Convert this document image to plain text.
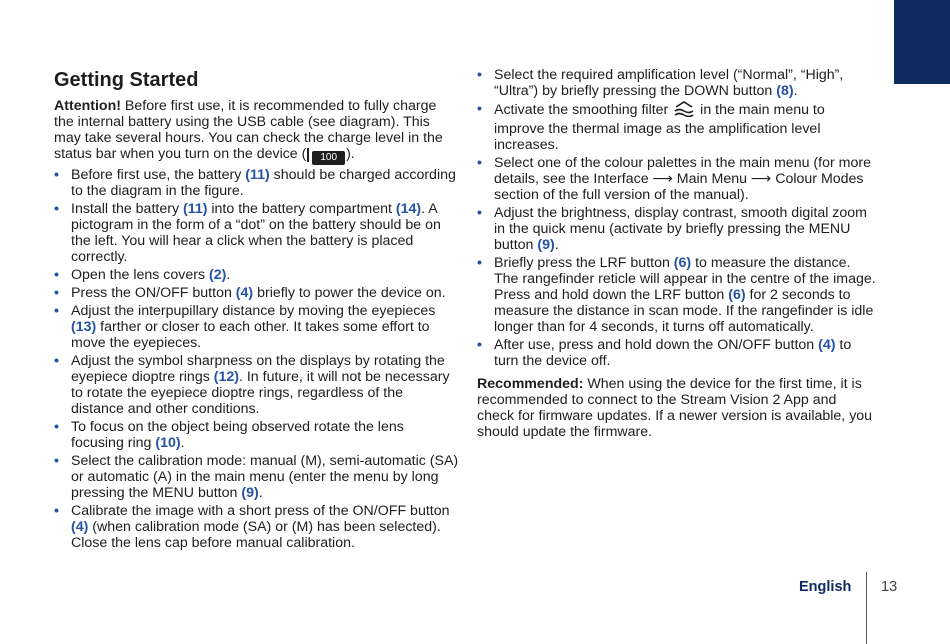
Getting Started

Attention! Before first use, it is recommended to fully charge the internal battery using the USB cable (see diagram). This may take several hours. You can check the charge level in the status bar when you turn on the device ( 100 ).

• Before first use, the battery (11) should be charged according to the diagram in the figure.
• Install the battery (11) into the battery compartment (14). A pictogram in the form of a “dot” on the battery should be on the left. You will hear a click when the battery is placed correctly.
• Open the lens covers (2).
• Press the ON/OFF button (4) briefly to power the device on.
• Adjust the interpupillary distance by moving the eyepieces (13) farther or closer to each other. It takes some effort to move the eyepieces.
• Adjust the symbol sharpness on the displays by rotating the eyepiece dioptre rings (12). In future, it will not be necessary to rotate the eyepiece dioptre rings, regardless of the distance and other conditions.
• To focus on the object being observed rotate the lens focusing ring (10).
• Select the calibration mode: manual (M), semi-automatic (SA) or automatic (A) in the main menu (enter the menu by long pressing the MENU button (9).
• Calibrate the image with a short press of the ON/OFF button (4) (when calibration mode (SA) or (M) has been selected). Close the lens cap before manual calibration.
• Select the required amplification level (“Normal”, “High”, “Ultra”) by briefly pressing the DOWN button (8).
• Activate the smoothing filter  in the main menu to improve the thermal image as the amplification level increases.
• Select one of the colour palettes in the main menu (for more details, see the Interface ⟶ Main Menu ⟶ Colour Modes section of the full version of the manual).
• Adjust the brightness, display contrast, smooth digital zoom in the quick menu (activate by briefly pressing the MENU button (9).
• Briefly press the LRF button (6) to measure the distance. The rangefinder reticle will appear in the centre of the image. Press and hold down the LRF button (6) for 2 seconds to measure the distance in scan mode. If the rangefinder is idle longer than for 4 seconds, it turns off automatically.
• After use, press and hold down the ON/OFF button (4) to turn the device off.

Recommended: When using the device for the first time, it is recommended to connect to the Stream Vision 2 App and check for firmware updates. If a newer version is available, you should update the firmware.

English 13
